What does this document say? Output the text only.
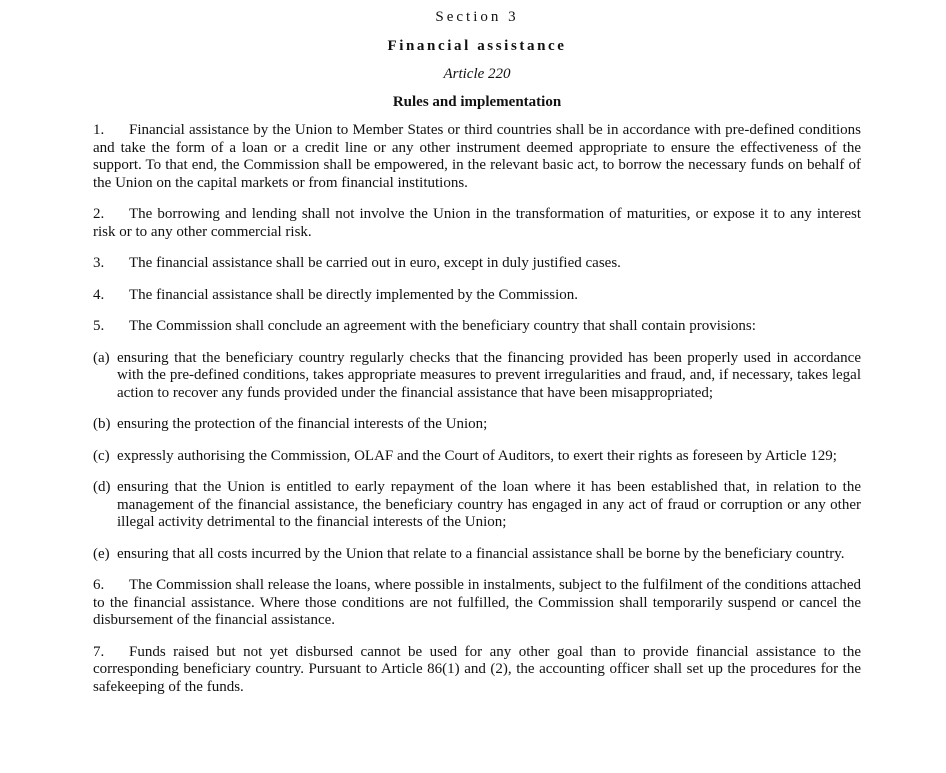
Section 3
Financial assistance
Article 220
Rules and implementation

1. Financial assistance by the Union to Member States or third countries shall be in accordance with pre-defined conditions and take the form of a loan or a credit line or any other instrument deemed appropriate to ensure the effectiveness of the support. To that end, the Commission shall be empowered, in the relevant basic act, to borrow the necessary funds on behalf of the Union on the capital markets or from financial institutions.

2. The borrowing and lending shall not involve the Union in the transformation of maturities, or expose it to any interest risk or to any other commercial risk.

3. The financial assistance shall be carried out in euro, except in duly justified cases.

4. The financial assistance shall be directly implemented by the Commission.

5. The Commission shall conclude an agreement with the beneficiary country that shall contain provisions:

(a) ensuring that the beneficiary country regularly checks that the financing provided has been properly used in accordance with the pre-defined conditions, takes appropriate measures to prevent irregularities and fraud, and, if necessary, takes legal action to recover any funds provided under the financial assistance that have been misappropriated;

(b) ensuring the protection of the financial interests of the Union;

(c) expressly authorising the Commission, OLAF and the Court of Auditors, to exert their rights as foreseen by Article 129;

(d) ensuring that the Union is entitled to early repayment of the loan where it has been established that, in relation to the management of the financial assistance, the beneficiary country has engaged in any act of fraud or corruption or any other illegal activity detrimental to the financial interests of the Union;

(e) ensuring that all costs incurred by the Union that relate to a financial assistance shall be borne by the beneficiary country.

6. The Commission shall release the loans, where possible in instalments, subject to the fulfilment of the conditions attached to the financial assistance. Where those conditions are not fulfilled, the Commission shall temporarily suspend or cancel the disbursement of the financial assistance.

7. Funds raised but not yet disbursed cannot be used for any other goal than to provide financial assistance to the corresponding beneficiary country. Pursuant to Article 86(1) and (2), the accounting officer shall set up the procedures for the safekeeping of the funds.
